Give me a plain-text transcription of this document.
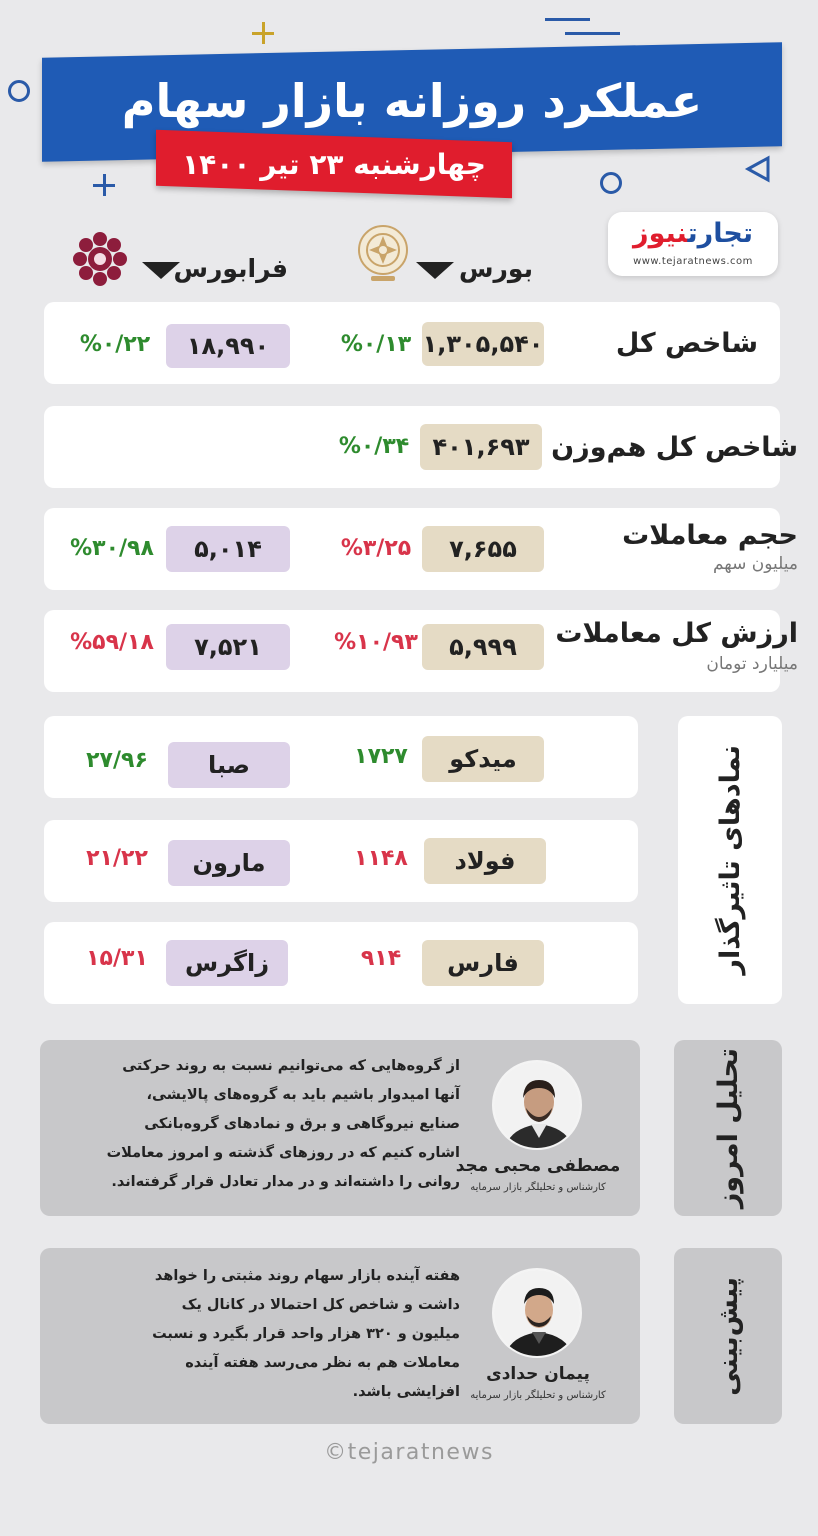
عملکرد روزانه بازار سهام
چهارشنبه ۲۳ تیر ۱۴۰۰
تجارتنیوز
www.tejaratnews.com
بورس
فرابورس
شاخص کل
۱,۳۰۵,۵۴۰
%۰/۱۳
۱۸,۹۹۰
%۰/۲۲
شاخص کل هم‌وزن
۴۰۱,۶۹۳
%۰/۳۴
حجم معاملات
میلیون سهم
۷,۶۵۵
%۳/۲۵
۵,۰۱۴
%۳۰/۹۸
ارزش کل معاملات
میلیارد تومان
۵,۹۹۹
%۱۰/۹۳
۷,۵۲۱
%۵۹/۱۸
نمادهای تاثیرگذار
میدکو
۱۷۲۷
صبا
۲۷/۹۶
فولاد
۱۱۴۸
مارون
۲۱/۲۲
فارس
۹۱۴
زاگرس
۱۵/۳۱
تحلیل امروز
مصطفی محبی مجد
کارشناس و تحلیلگر بازار سرمایه
از گروه‌هایی که می‌توانیم نسبت به روند حرکتی
آنها امیدوار باشیم باید به گروه‌های پالایشی،
صنایع نیروگاهی و برق و نمادهای گروه‌بانکی
اشاره کنیم که در روزهای گذشته و امروز معاملات
روانی را داشته‌اند و در مدار تعادل قرار گرفته‌اند.
پیش‌بینی
پیمان حدادی
کارشناس و تحلیلگر بازار سرمایه
هفته آینده بازار سهام روند مثبتی را خواهد
داشت و شاخص کل احتمالا در کانال یک
میلیون و ۳۲۰ هزار واحد قرار بگیرد و نسبت
معاملات هم به نظر می‌رسد هفته آینده
افزایشی باشد.
©tejaratnews
